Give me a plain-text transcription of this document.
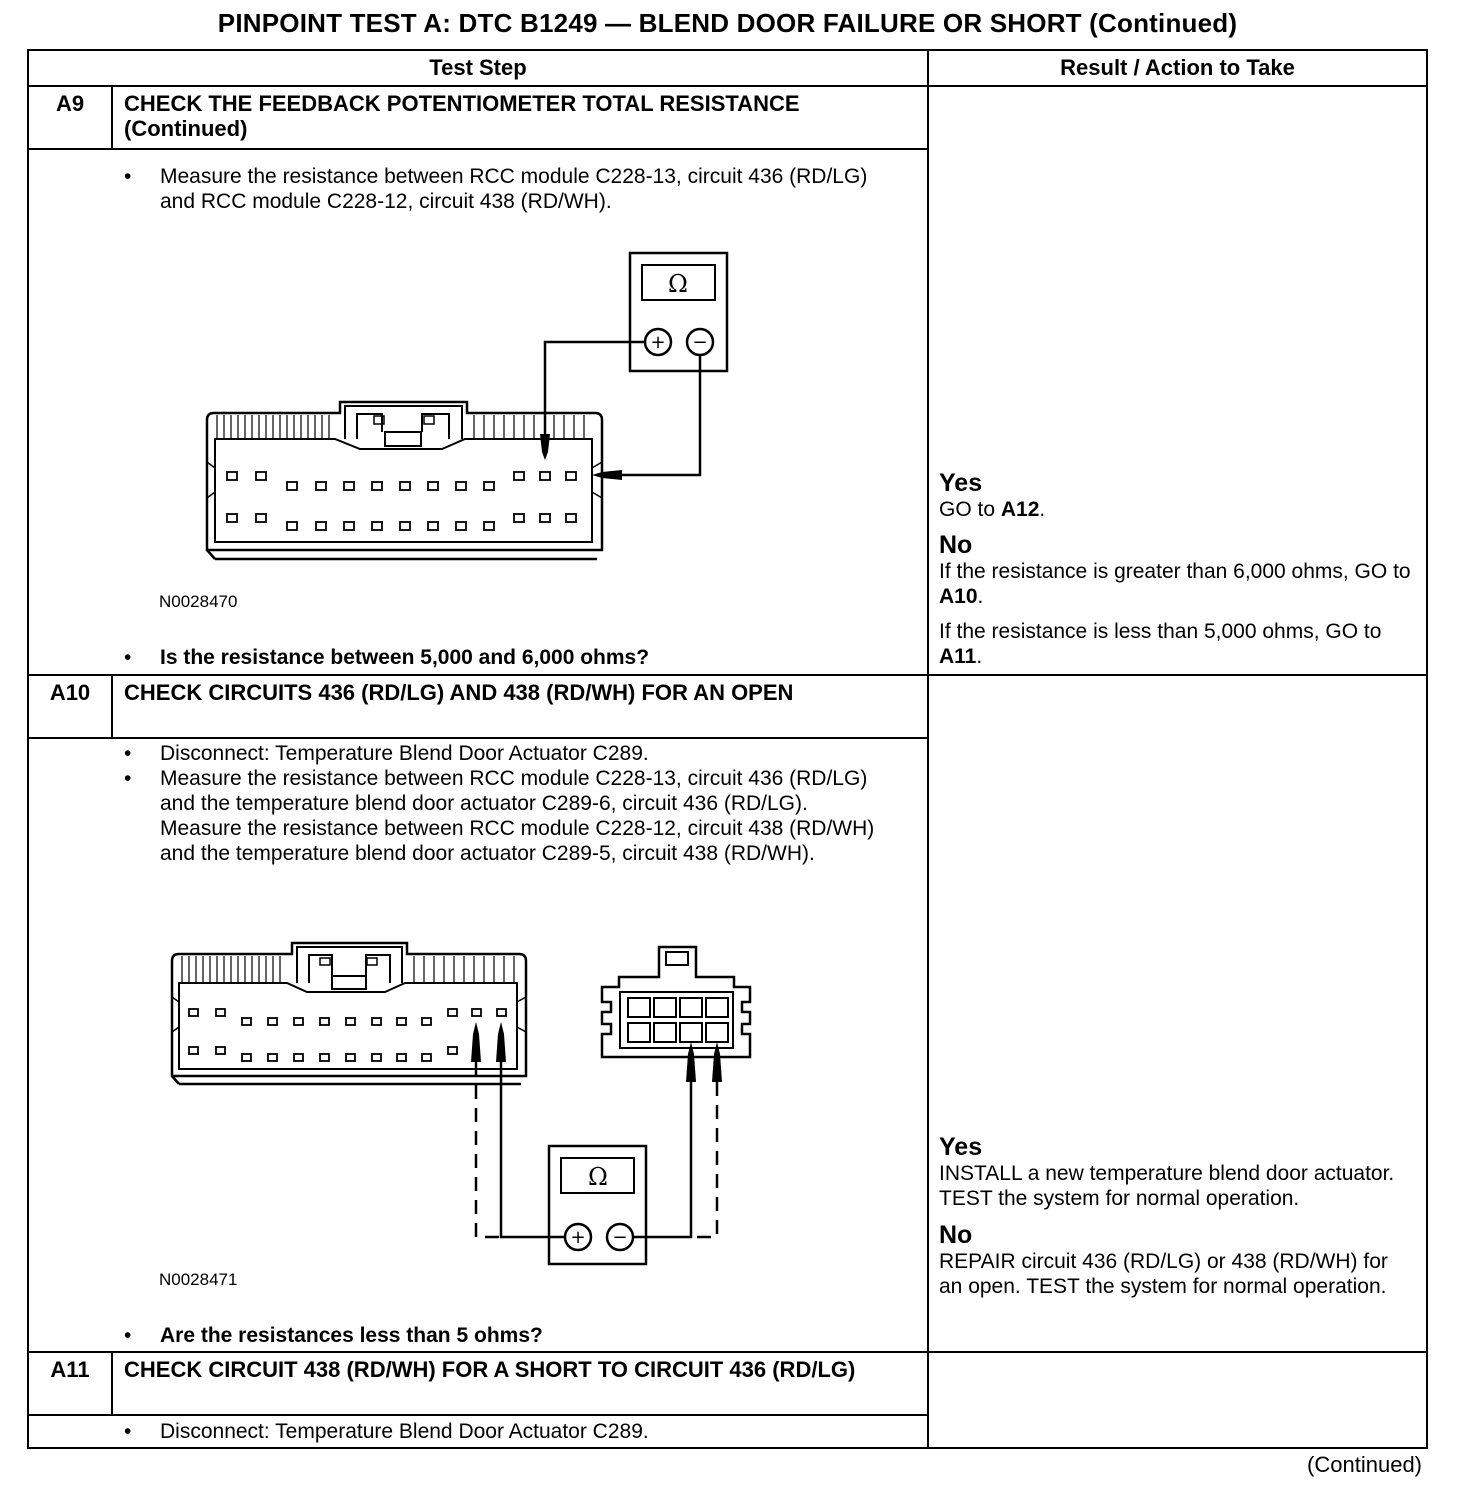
PINPOINT TEST A: DTC B1249 — BLEND DOOR FAILURE OR SHORT (Continued)
Test Step	Result / Action to Take
A9	CHECK THE FEEDBACK POTENTIOMETER TOTAL RESISTANCE (Continued)
• Measure the resistance between RCC module C228-13, circuit 436 (RD/LG) and RCC module C228-12, circuit 438 (RD/WH).
Ω
+ −
N0028470
• Is the resistance between 5,000 and 6,000 ohms?
Yes
GO to A12.
No
If the resistance is greater than 6,000 ohms, GO to A10.
If the resistance is less than 5,000 ohms, GO to A11.
A10	CHECK CIRCUITS 436 (RD/LG) AND 438 (RD/WH) FOR AN OPEN
• Disconnect: Temperature Blend Door Actuator C289.
• Measure the resistance between RCC module C228-13, circuit 436 (RD/LG) and the temperature blend door actuator C289-6, circuit 436 (RD/LG). Measure the resistance between RCC module C228-12, circuit 438 (RD/WH) and the temperature blend door actuator C289-5, circuit 438 (RD/WH).
Ω
+ −
N0028471
• Are the resistances less than 5 ohms?
Yes
INSTALL a new temperature blend door actuator. TEST the system for normal operation.
No
REPAIR circuit 436 (RD/LG) or 438 (RD/WH) for an open. TEST the system for normal operation.
A11	CHECK CIRCUIT 438 (RD/WH) FOR A SHORT TO CIRCUIT 436 (RD/LG)
• Disconnect: Temperature Blend Door Actuator C289.
(Continued)
